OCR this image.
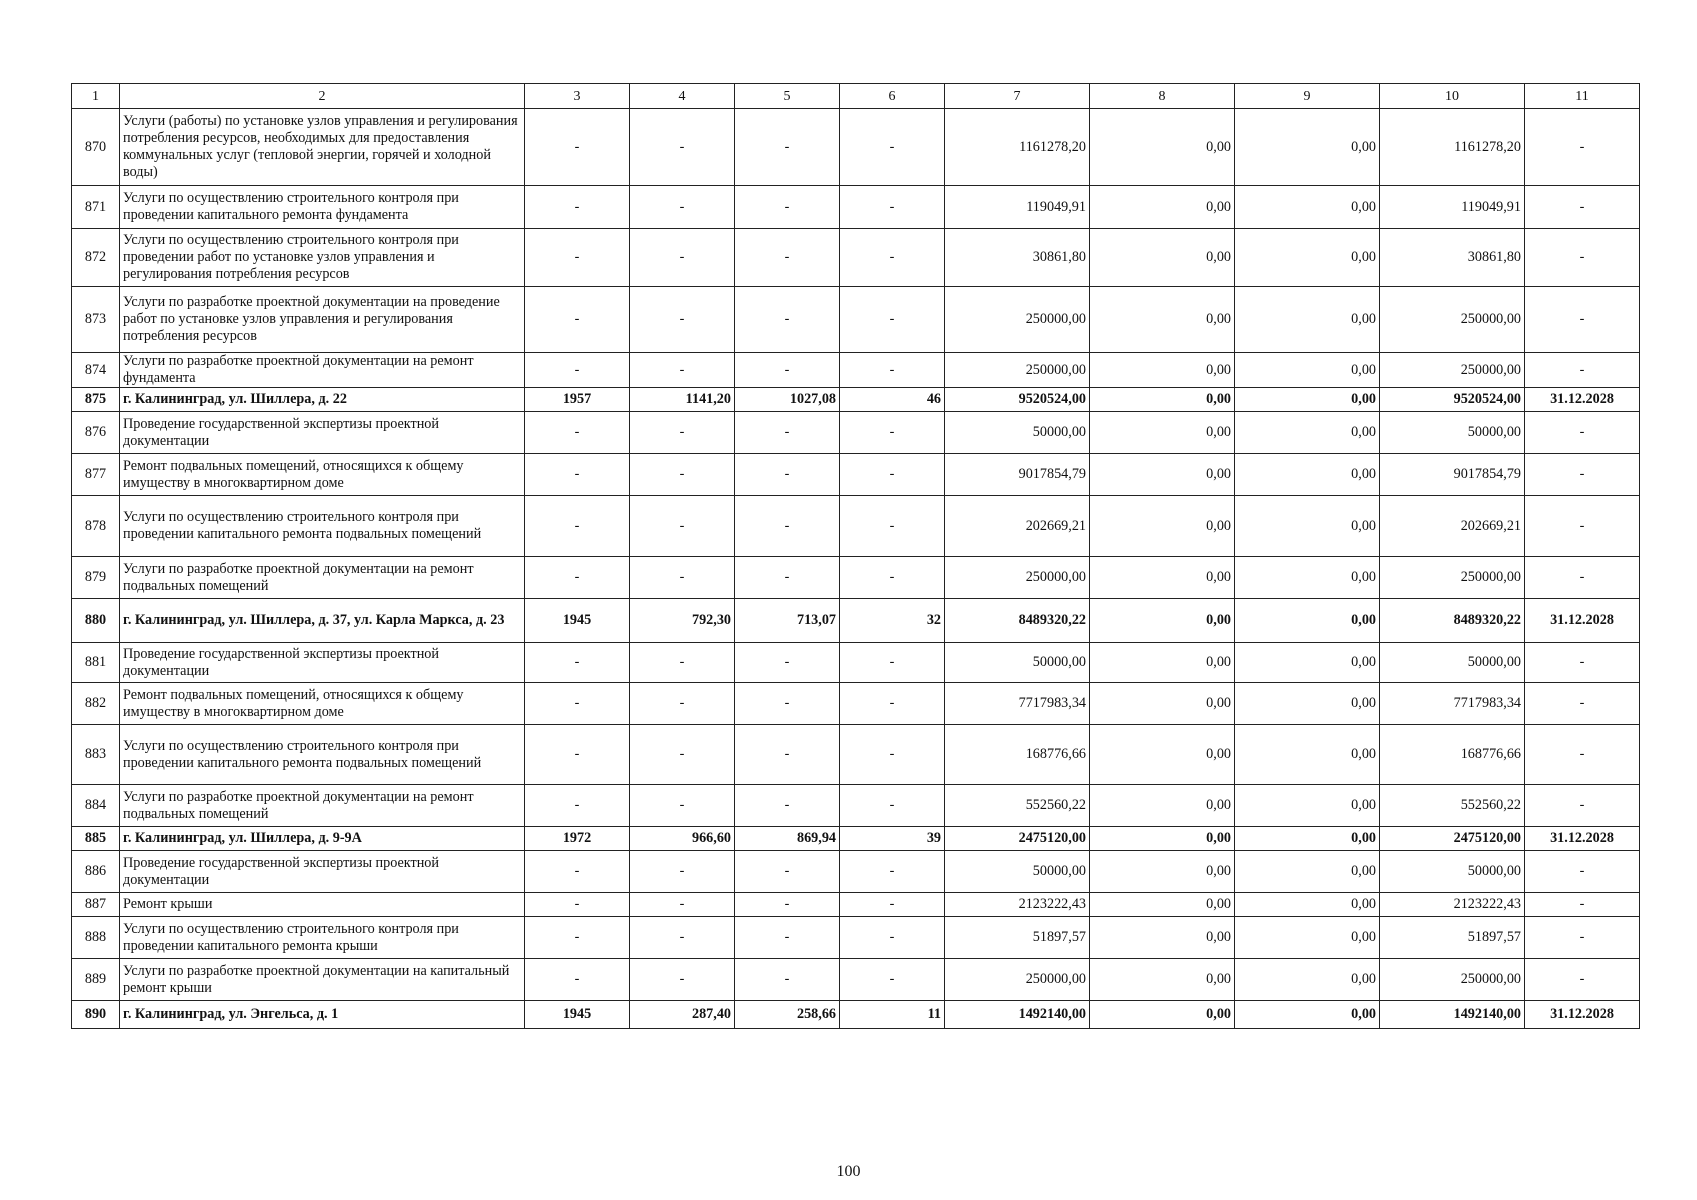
1	2	3	4	5	6	7	8	9	10	11
870	Услуги (работы) по установке узлов управления и регулирования потребления ресурсов, необходимых для предоставления коммунальных услуг (тепловой энергии, горячей и холодной воды)	-	-	-	-	1161278,20	0,00	0,00	1161278,20	-
871	Услуги по осуществлению строительного контроля при проведении капитального ремонта фундамента	-	-	-	-	119049,91	0,00	0,00	119049,91	-
872	Услуги по осуществлению строительного контроля при проведении работ по установке узлов управления и регулирования потребления ресурсов	-	-	-	-	30861,80	0,00	0,00	30861,80	-
873	Услуги по разработке проектной документации на проведение работ по установке узлов управления и регулирования потребления ресурсов	-	-	-	-	250000,00	0,00	0,00	250000,00	-
874	Услуги по разработке проектной документации на ремонт фундамента	-	-	-	-	250000,00	0,00	0,00	250000,00	-
875	г. Калининград, ул. Шиллера, д. 22	1957	1141,20	1027,08	46	9520524,00	0,00	0,00	9520524,00	31.12.2028
876	Проведение государственной экспертизы проектной документации	-	-	-	-	50000,00	0,00	0,00	50000,00	-
877	Ремонт подвальных помещений, относящихся к общему имуществу в многоквартирном доме	-	-	-	-	9017854,79	0,00	0,00	9017854,79	-
878	Услуги по осуществлению строительного контроля при проведении капитального ремонта подвальных помещений	-	-	-	-	202669,21	0,00	0,00	202669,21	-
879	Услуги по разработке проектной документации на ремонт подвальных помещений	-	-	-	-	250000,00	0,00	0,00	250000,00	-
880	г. Калининград, ул. Шиллера, д. 37, ул. Карла Маркса, д. 23	1945	792,30	713,07	32	8489320,22	0,00	0,00	8489320,22	31.12.2028
881	Проведение государственной экспертизы проектной документации	-	-	-	-	50000,00	0,00	0,00	50000,00	-
882	Ремонт подвальных помещений, относящихся к общему имуществу в многоквартирном доме	-	-	-	-	7717983,34	0,00	0,00	7717983,34	-
883	Услуги по осуществлению строительного контроля при проведении капитального ремонта подвальных помещений	-	-	-	-	168776,66	0,00	0,00	168776,66	-
884	Услуги по разработке проектной документации на ремонт подвальных помещений	-	-	-	-	552560,22	0,00	0,00	552560,22	-
885	г. Калининград, ул. Шиллера, д. 9-9А	1972	966,60	869,94	39	2475120,00	0,00	0,00	2475120,00	31.12.2028
886	Проведение государственной экспертизы проектной документации	-	-	-	-	50000,00	0,00	0,00	50000,00	-
887	Ремонт крыши	-	-	-	-	2123222,43	0,00	0,00	2123222,43	-
888	Услуги по осуществлению строительного контроля при проведении капитального ремонта крыши	-	-	-	-	51897,57	0,00	0,00	51897,57	-
889	Услуги по разработке проектной документации на капитальный ремонт крыши	-	-	-	-	250000,00	0,00	0,00	250000,00	-
890	г. Калининград, ул. Энгельса, д. 1	1945	287,40	258,66	11	1492140,00	0,00	0,00	1492140,00	31.12.2028
100
